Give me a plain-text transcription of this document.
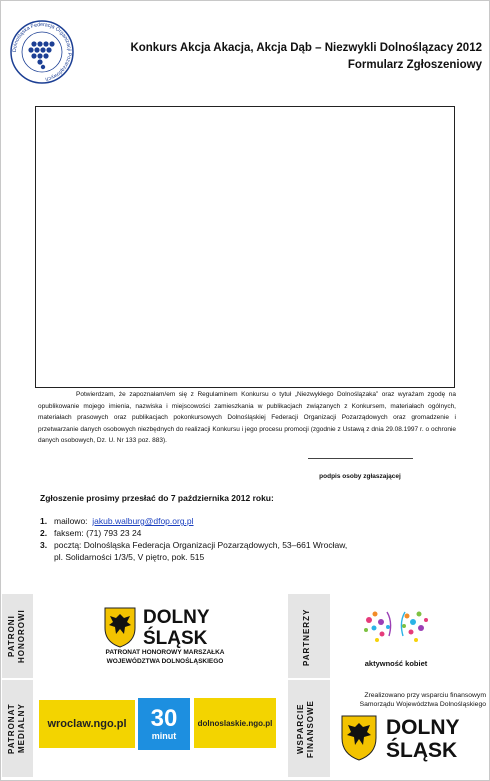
Dolnośląska Federacja Organizacji Pozarządowych
Konkurs Akcja Akacja, Akcja Dąb – Niezwykli Dolnoślązacy 2012
Formularz Zgłoszeniowy
Potwierdzam, że zapoznałam/em się z Regulaminem Konkursu o tytuł „Niezwykłego Dolnoślązaka” oraz wyrażam zgodę na opublikowanie mojego imienia, nazwiska i miejscowości zamieszkania w publikacjach związanych z Konkursem, materiałach ogólnych, materiałach prasowych oraz publikacjach pokonkursowych Dolnośląskiej Federacji Organizacji Pozarządowych oraz gromadzenie i przetwarzanie danych osobowych niezbędnych do realizacji Konkursu i jego procesu promocji (zgodnie z Ustawą z dnia 29.08.1997 r. o ochronie danych osobowych, Dz. U. Nr 133 poz. 883).
podpis osoby zgłaszającej
Zgłoszenie prosimy przesłać do 7 października 2012 roku:
1. mailowo: jakub.walburg@dfop.org.pl
2. faksem: (71) 793 23 24
3. pocztą: Dolnośląska Federacja Organizacji Pozarządowych, 53–661 Wrocław,
pl. Solidarności 1/3/5, V piętro, pok. 515
PATRONI HONOROWI
PATRONAT MEDIALNY
PARTNERZY
WSPARCIE FINANSOWE
DOLNY
ŚLĄSK
PATRONAT HONOROWY MARSZAŁKA
WOJEWÓDZTWA DOLNOŚLĄSKIEGO	aktywność kobiet
wroclaw.ngo.pl 30
minut
dolnoslaskie.ngo.pl
Zrealizowano przy wsparciu finansowym Samorządu Województwa Dolnośląskiego
DOLNY
ŚLĄSK
